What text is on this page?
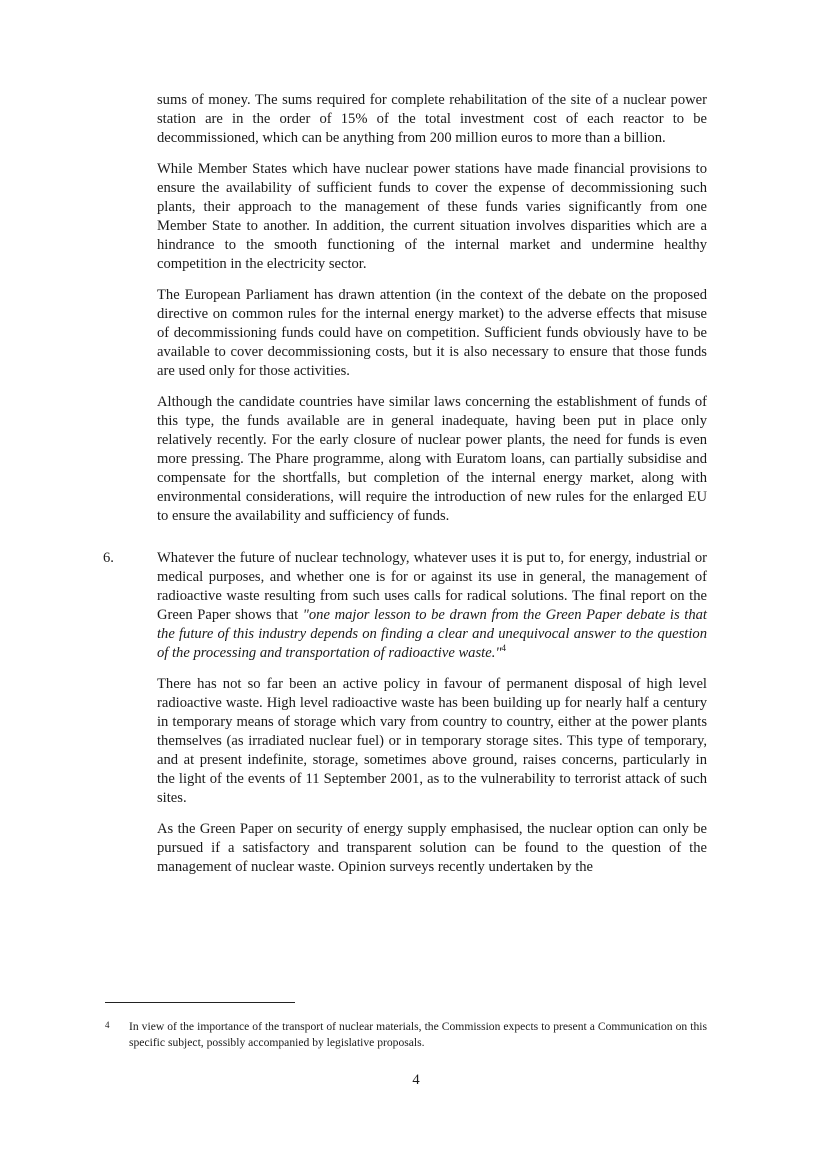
sums of money. The sums required for complete rehabilitation of the site of a nuclear power station are in the order of 15% of the total investment cost of each reactor to be decommissioned, which can be anything from 200 million euros to more than a billion.

While Member States which have nuclear power stations have made financial provisions to ensure the availability of sufficient funds to cover the expense of decommissioning such plants, their approach to the management of these funds varies significantly from one Member State to another. In addition, the current situation involves disparities which are a hindrance to the smooth functioning of the internal market and undermine healthy competition in the electricity sector.

The European Parliament has drawn attention (in the context of the debate on the proposed directive on common rules for the internal energy market) to the adverse effects that misuse of decommissioning funds could have on competition. Sufficient funds obviously have to be available to cover decommissioning costs, but it is also necessary to ensure that those funds are used only for those activities.

Although the candidate countries have similar laws concerning the establishment of funds of this type, the funds available are in general inadequate, having been put in place only relatively recently. For the early closure of nuclear power plants, the need for funds is even more pressing. The Phare programme, along with Euratom loans, can partially subsidise and compensate for the shortfalls, but completion of the internal energy market, along with environmental considerations, will require the introduction of new rules for the enlarged EU to ensure the availability and sufficiency of funds.

6.	Whatever the future of nuclear technology, whatever uses it is put to, for energy, industrial or medical purposes, and whether one is for or against its use in general, the management of radioactive waste resulting from such uses calls for radical solutions. The final report on the Green Paper shows that "one major lesson to be drawn from the Green Paper debate is that the future of this industry depends on finding a clear and unequivocal answer to the question of the processing and transportation of radioactive waste."$^4$

There has not so far been an active policy in favour of permanent disposal of high level radioactive waste. High level radioactive waste has been building up for nearly half a century in temporary means of storage which vary from country to country, either at the power plants themselves (as irradiated nuclear fuel) or in temporary storage sites. This type of temporary, and at present indefinite, storage, sometimes above ground, raises concerns, particularly in the light of the events of 11 September 2001, as to the vulnerability to terrorist attack of such sites.

As the Green Paper on security of energy supply emphasised, the nuclear option can only be pursued if a satisfactory and transparent solution can be found to the question of the management of nuclear waste. Opinion surveys recently undertaken by the

4 In view of the importance of the transport of nuclear materials, the Commission expects to present a Communication on this specific subject, possibly accompanied by legislative proposals.
4
